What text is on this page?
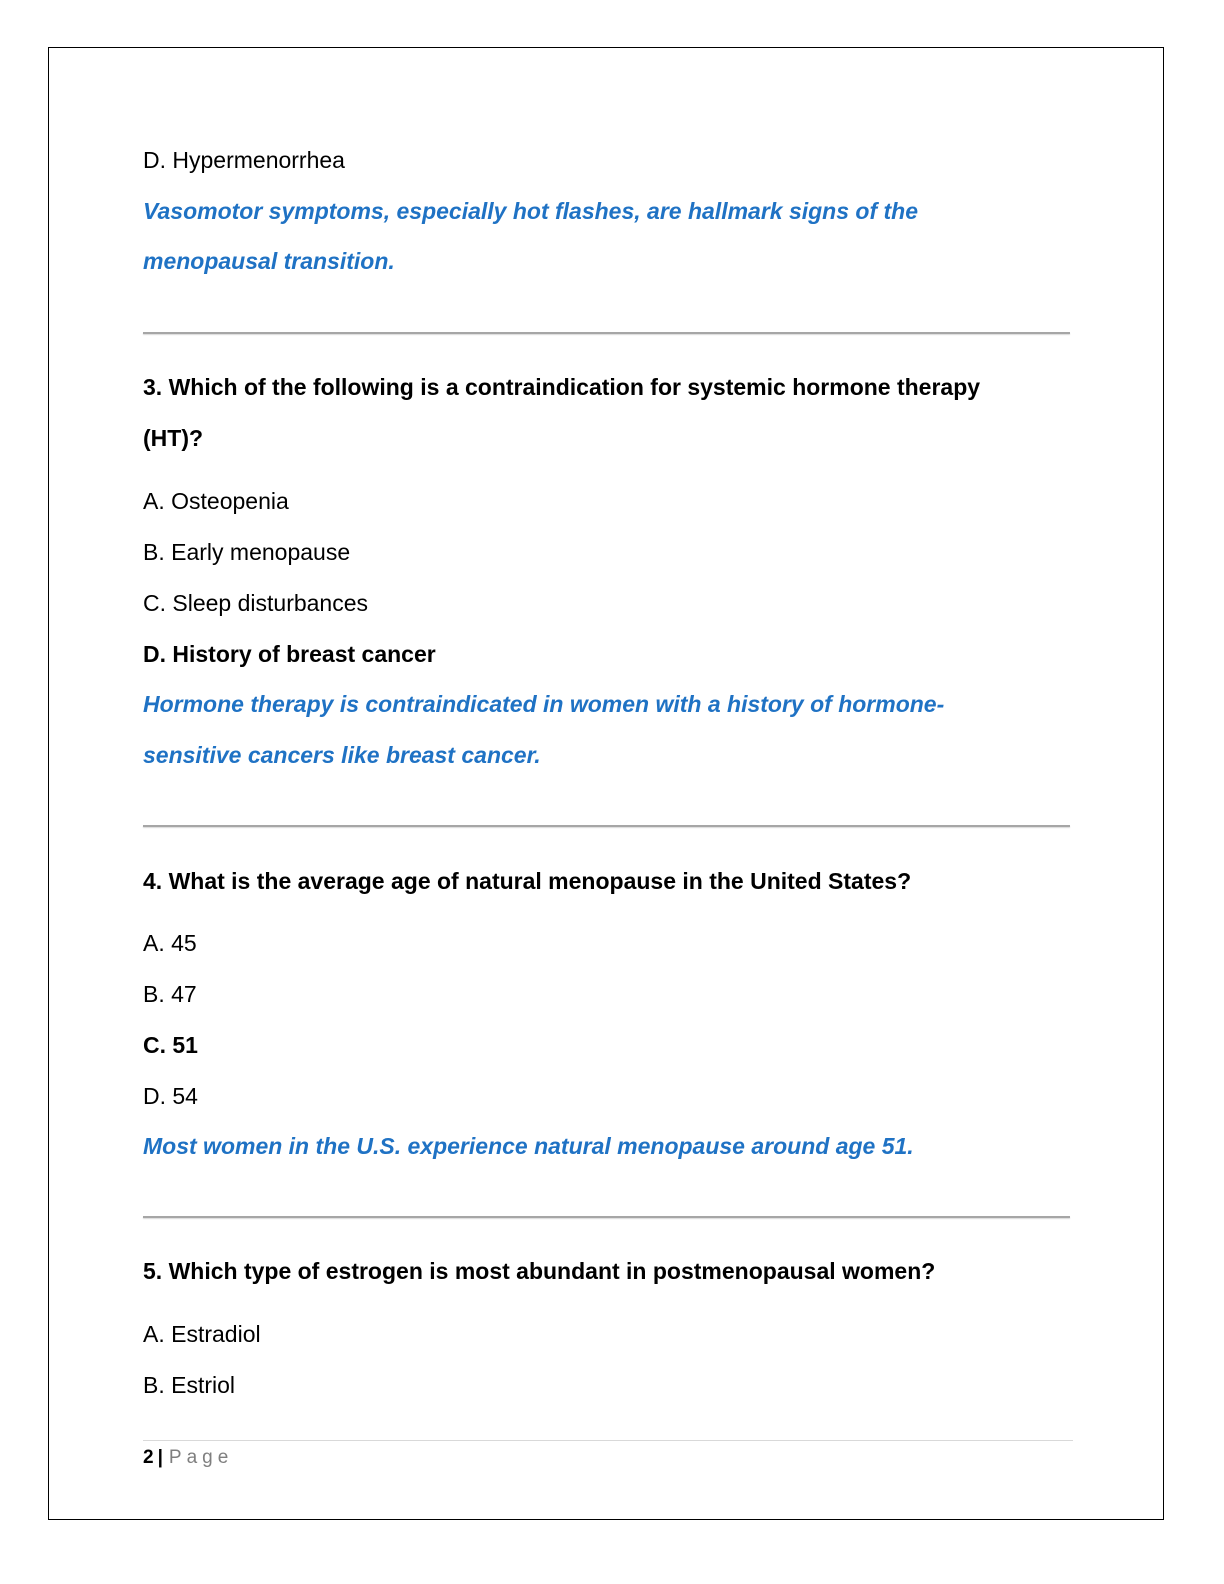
D. Hypermenorrhea
Vasomotor symptoms, especially hot flashes, are hallmark signs of the
menopausal transition.
3. Which of the following is a contraindication for systemic hormone therapy
(HT)?
A. Osteopenia
B. Early menopause
C. Sleep disturbances
D. History of breast cancer
Hormone therapy is contraindicated in women with a history of hormone-
sensitive cancers like breast cancer.
4. What is the average age of natural menopause in the United States?
A. 45
B. 47
C. 51
D. 54
Most women in the U.S. experience natural menopause around age 51.
5. Which type of estrogen is most abundant in postmenopausal women?
A. Estradiol
B. Estriol
2 | Page
